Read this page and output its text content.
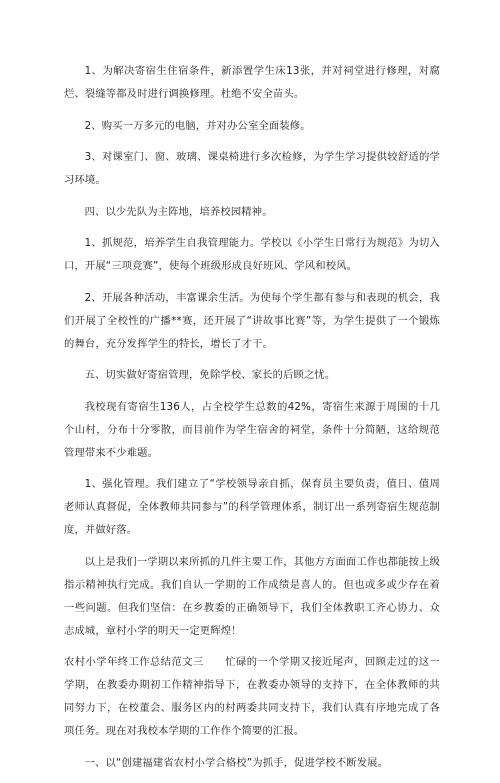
1、为解决寄宿生住宿条件，新添置学生床13张，并对祠堂进行修理，对腐烂、裂缝等都及时进行调换修理。杜绝不安全苗头。

2、购买一万多元的电脑，并对办公室全面装修。

3、对课室门、窗、玻璃、课桌椅进行多次检修，为学生学习提供较舒适的学习环境。

四、以少先队为主阵地，培养校园精神。

1、抓规范，培养学生自我管理能力。学校以《小学生日常行为规范》为切入口，开展“三项竞赛”，使每个班级形成良好班风、学风和校风。

2、开展各种活动，丰富课余生活。为使每个学生都有参与和表现的机会，我们开展了全校性的广播**赛，还开展了“讲故事比赛”等，为学生提供了一个锻炼的舞台，充分发挥学生的特长，增长了才干。

五、切实做好寄宿管理，免除学校、家长的后顾之忧。

我校现有寄宿生136人，占全校学生总数的42%，寄宿生来源于周围的十几个山村，分布十分零散，而目前作为学生宿舍的祠堂，条件十分简陋，这给规范管理带来不少难题。

1、强化管理。我们建立了“学校领导亲自抓，保育员主要负责，值日、值周老师认真督促，全体教师共同参与”的科学管理体系，制订出一系列寄宿生规范制度，并做好落。

以上是我们一学期以来所抓的几件主要工作，其他方方面面工作也都能按上级指示精神执行完成。我们自认一学期的工作成绩是喜人的。但也或多或少存在着一些问题。但我们坚信：在乡教委的正确领导下，我们全体教职工齐心协力、众志成城，章村小学的明天一定更辉煌！

农村小学年终工作总结范文三　　忙碌的一个学期又接近尾声，回顾走过的这一学期，在教委办期初工作精神指导下，在教委办领导的支持下，在全体教师的共同努力下，在校董会、服务区内的村两委共同支持下，我们认真有序地完成了各项任务。现在对我校本学期的工作作个简要的汇报。

一、以“创建福建省农村小学合格校”为抓手，促进学校不断发展。
